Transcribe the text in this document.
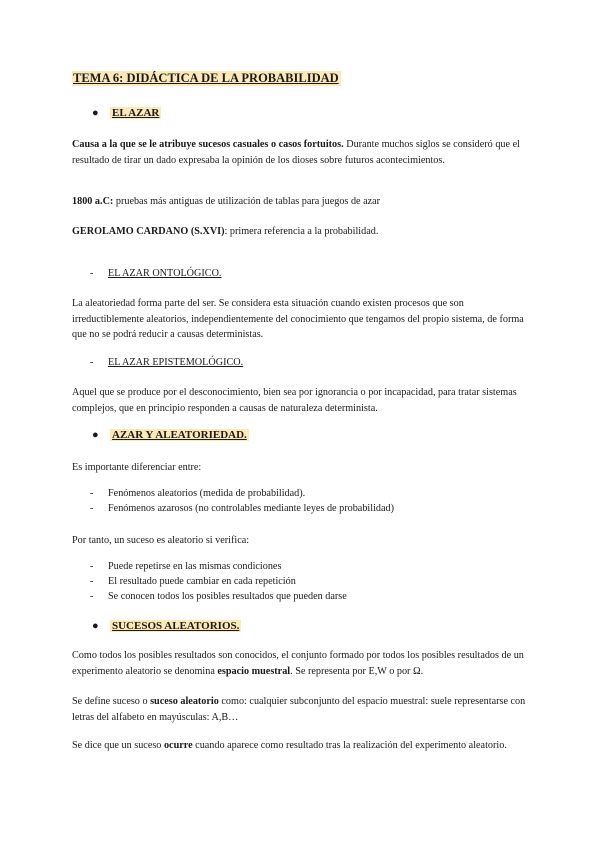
TEMA 6: DIDÁCTICA DE LA PROBABILIDAD
● EL AZAR
Causa a la que se le atribuye sucesos casuales o casos fortuitos. Durante muchos siglos se consideró que el resultado de tirar un dado expresaba la opinión de los dioses sobre futuros acontecimientos.
1800 a.C: pruebas más antiguas de utilización de tablas para juegos de azar
GEROLAMO CARDANO (S.XVI): primera referencia a la probabilidad.
- EL AZAR ONTOLÓGICO.
La aleatoriedad forma parte del ser. Se considera esta situación cuando existen procesos que son irreductiblemente aleatorios, independientemente del conocimiento que tengamos del propio sistema, de forma que no se podrá reducir a causas deterministas.
- EL AZAR EPISTEMOLÓGICO.
Aquel que se produce por el desconocimiento, bien sea por ignorancia o por incapacidad, para tratar sistemas complejos, que en principio responden a causas de naturaleza determinista.
● AZAR Y ALEATORIEDAD.
Es importante diferenciar entre:
- Fenómenos aleatorios (medida de probabilidad).
- Fenómenos azarosos (no controlables mediante leyes de probabilidad)
Por tanto, un suceso es aleatorio si verifica:
- Puede repetirse en las mismas condiciones
- El resultado puede cambiar en cada repetición
- Se conocen todos los posibles resultados que pueden darse
● SUCESOS ALEATORIOS.
Como todos los posibles resultados son conocidos, el conjunto formado por todos los posibles resultados de un experimento aleatorio se denomina espacio muestral. Se representa por E,W o por Ω.
Se define suceso o suceso aleatorio como: cualquier subconjunto del espacio muestral: suele representarse con letras del alfabeto en mayúsculas: A,B…
Se dice que un suceso ocurre cuando aparece como resultado tras la realización del experimento aleatorio.
